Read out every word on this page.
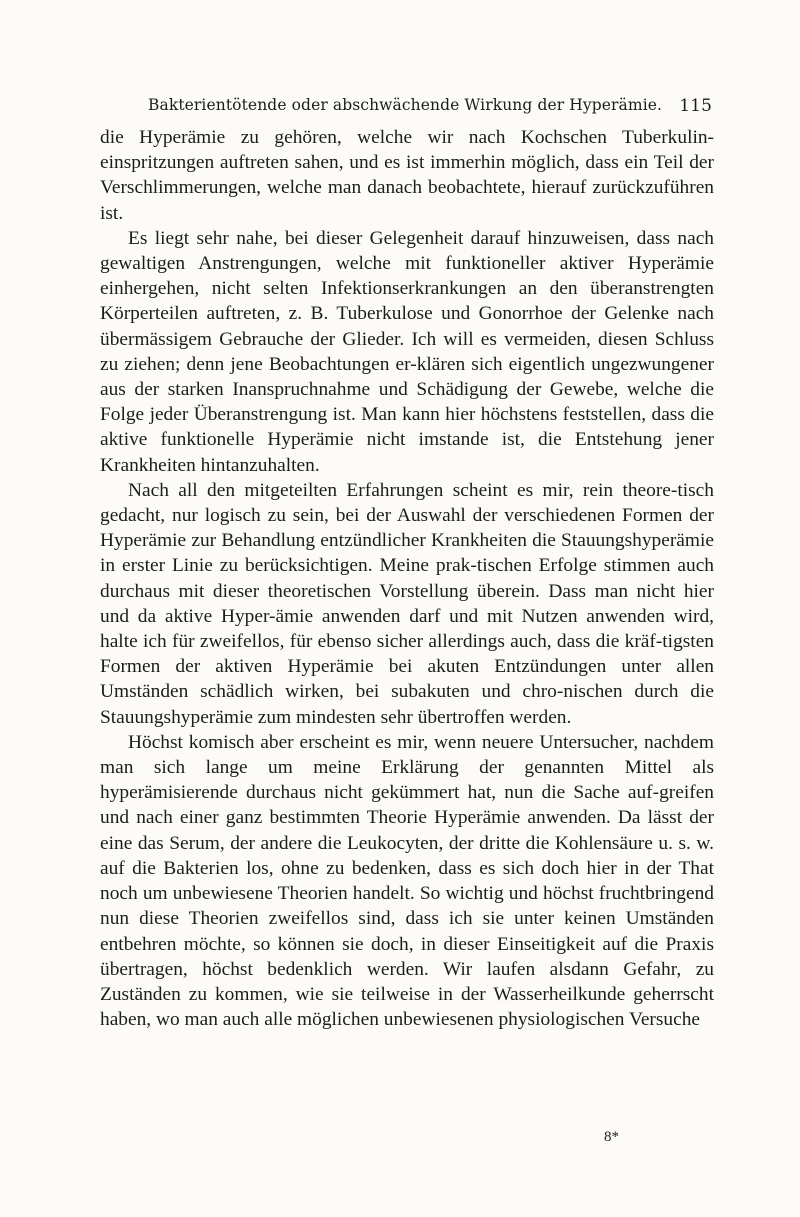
Bakterientötende oder abschwächende Wirkung der Hyperämie. 115

die Hyperämie zu gehören, welche wir nach Kochschen Tuberkulin-einspritzungen auftreten sahen, und es ist immerhin möglich, dass ein Teil der Verschlimmerungen, welche man danach beobachtete, hierauf zurückzuführen ist.

Es liegt sehr nahe, bei dieser Gelegenheit darauf hinzuweisen, dass nach gewaltigen Anstrengungen, welche mit funktioneller aktiver Hyperämie einhergehen, nicht selten Infektionserkrankungen an den überanstrengten Körperteilen auftreten, z. B. Tuberkulose und Gonorrhoe der Gelenke nach übermässigem Gebrauche der Glieder. Ich will es vermeiden, diesen Schluss zu ziehen; denn jene Beobachtungen er-klären sich eigentlich ungezwungener aus der starken Inanspruchnahme und Schädigung der Gewebe, welche die Folge jeder Überanstrengung ist. Man kann hier höchstens feststellen, dass die aktive funktionelle Hyperämie nicht imstande ist, die Entstehung jener Krankheiten hintanzuhalten.

Nach all den mitgeteilten Erfahrungen scheint es mir, rein theore-tisch gedacht, nur logisch zu sein, bei der Auswahl der verschiedenen Formen der Hyperämie zur Behandlung entzündlicher Krankheiten die Stauungshyperämie in erster Linie zu berücksichtigen. Meine prak-tischen Erfolge stimmen auch durchaus mit dieser theoretischen Vorstellung überein. Dass man nicht hier und da aktive Hyper-ämie anwenden darf und mit Nutzen anwenden wird, halte ich für zweifellos, für ebenso sicher allerdings auch, dass die kräf-tigsten Formen der aktiven Hyperämie bei akuten Entzündungen unter allen Umständen schädlich wirken, bei subakuten und chro-nischen durch die Stauungshyperämie zum mindesten sehr übertroffen werden.

Höchst komisch aber erscheint es mir, wenn neuere Untersucher, nachdem man sich lange um meine Erklärung der genannten Mittel als hyperämisierende durchaus nicht gekümmert hat, nun die Sache auf-greifen und nach einer ganz bestimmten Theorie Hyperämie anwenden. Da lässt der eine das Serum, der andere die Leukocyten, der dritte die Kohlensäure u. s. w. auf die Bakterien los, ohne zu bedenken, dass es sich doch hier in der That noch um unbewiesene Theorien handelt. So wichtig und höchst fruchtbringend nun diese Theorien zweifellos sind, dass ich sie unter keinen Umständen entbehren möchte, so können sie doch, in dieser Einseitigkeit auf die Praxis übertragen, höchst bedenklich werden. Wir laufen alsdann Gefahr, zu Zuständen zu kommen, wie sie teilweise in der Wasserheilkunde geherrscht haben, wo man auch alle möglichen unbewiesenen physiologischen Versuche

8*
